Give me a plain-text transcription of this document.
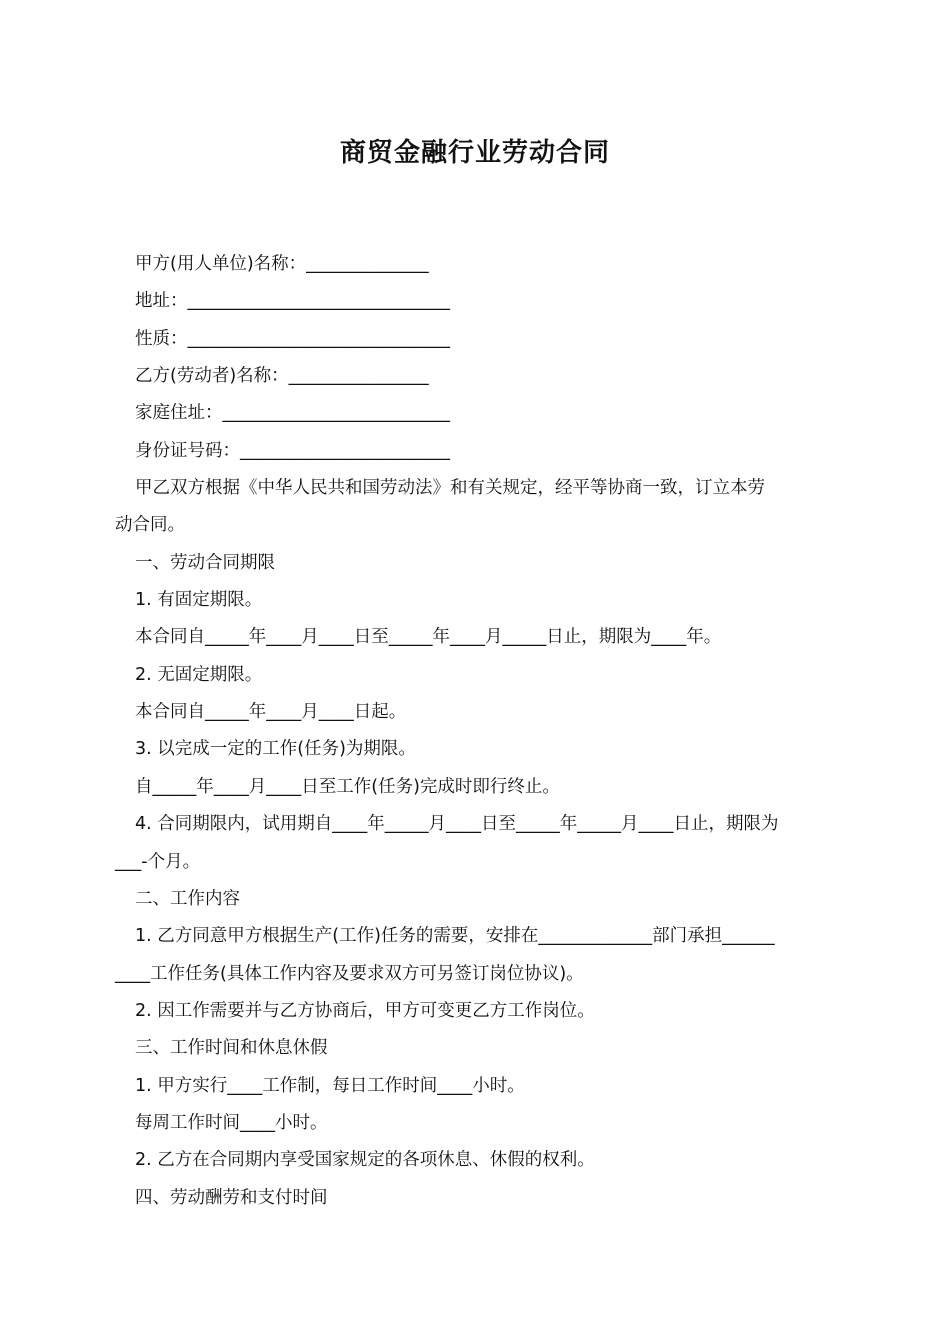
商贸金融行业劳动合同
甲方(用人单位)名称：______________
地址：______________________________
性质：______________________________
乙方(劳动者)名称：________________
家庭住址：__________________________
身份证号码：________________________
甲乙双方根据《中华人民共和国劳动法》和有关规定，经平等协商一致，订立本劳
动合同。
一、劳动合同期限
1. 有固定期限。
本合同自_____年____月____日至_____年____月_____日止，期限为____年。
2. 无固定期限。
本合同自_____年____月____日起。
3. 以完成一定的工作(任务)为期限。
自_____年____月____日至工作(任务)完成时即行终止。
4. 合同期限内，试用期自____年_____月____日至_____年_____月____日止，期限为
___-个月。
二、工作内容
1. 乙方同意甲方根据生产(工作)任务的需要，安排在_____________部门承担______
____工作任务(具体工作内容及要求双方可另签订岗位协议)。
2. 因工作需要并与乙方协商后，甲方可变更乙方工作岗位。
三、工作时间和休息休假
1. 甲方实行____工作制，每日工作时间____小时。
每周工作时间____小时。
2. 乙方在合同期内享受国家规定的各项休息、休假的权利。
四、劳动酬劳和支付时间
